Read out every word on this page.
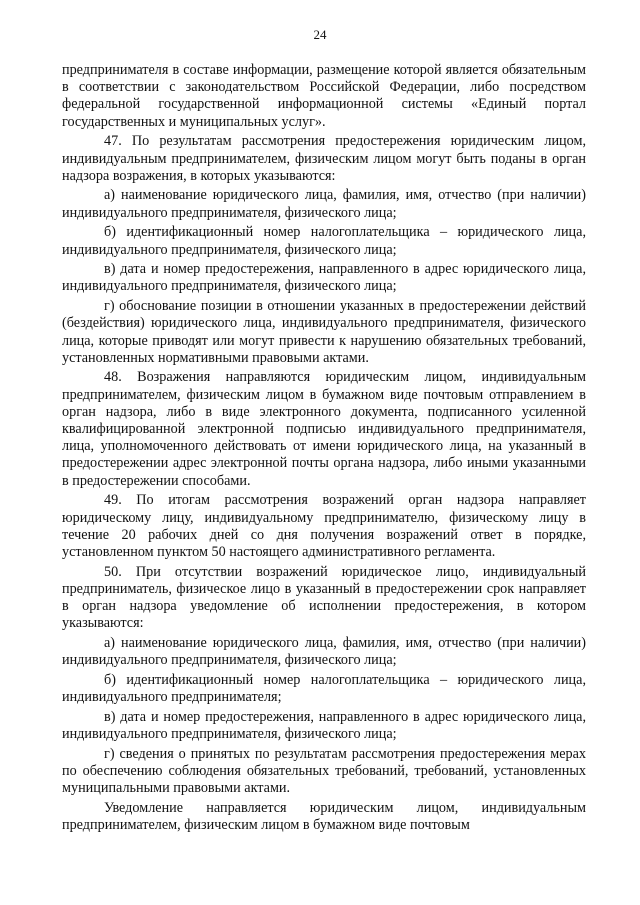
24

предпринимателя в составе информации, размещение которой является обязательным в соответствии с законодательством Российской Федерации, либо посредством федеральной государственной информационной системы «Единый портал государственных и муниципальных услуг».

47. По результатам рассмотрения предостережения юридическим лицом, индивидуальным предпринимателем, физическим лицом могут быть поданы в орган надзора возражения, в которых указываются:

а) наименование юридического лица, фамилия, имя, отчество (при наличии) индивидуального предпринимателя, физического лица;

б) идентификационный номер налогоплательщика – юридического лица, индивидуального предпринимателя, физического лица;

в) дата и номер предостережения, направленного в адрес юридического лица, индивидуального предпринимателя, физического лица;

г) обоснование позиции в отношении указанных в предостережении действий (бездействия) юридического лица, индивидуального предпринимателя, физического лица, которые приводят или могут привести к нарушению обязательных требований, установленных нормативными правовыми актами.

48. Возражения направляются юридическим лицом, индивидуальным предпринимателем, физическим лицом в бумажном виде почтовым отправлением в орган надзора, либо в виде электронного документа, подписанного усиленной квалифицированной электронной подписью индивидуального предпринимателя, лица, уполномоченного действовать от имени юридического лица, на указанный в предостережении адрес электронной почты органа надзора, либо иными указанными в предостережении способами.

49. По итогам рассмотрения возражений орган надзора направляет юридическому лицу, индивидуальному предпринимателю, физическому лицу в течение 20 рабочих дней со дня получения возражений ответ в порядке, установленном пунктом 50 настоящего административного регламента.

50. При отсутствии возражений юридическое лицо, индивидуальный предприниматель, физическое лицо в указанный в предостережении срок направляет в орган надзора уведомление об исполнении предостережения, в котором указываются:

а) наименование юридического лица, фамилия, имя, отчество (при наличии) индивидуального предпринимателя, физического лица;

б) идентификационный номер налогоплательщика – юридического лица, индивидуального предпринимателя;

в) дата и номер предостережения, направленного в адрес юридического лица, индивидуального предпринимателя, физического лица;

г) сведения о принятых по результатам рассмотрения предостережения мерах по обеспечению соблюдения обязательных требований, требований, установленных муниципальными правовыми актами.

Уведомление направляется юридическим лицом, индивидуальным предпринимателем, физическим лицом в бумажном виде почтовым
